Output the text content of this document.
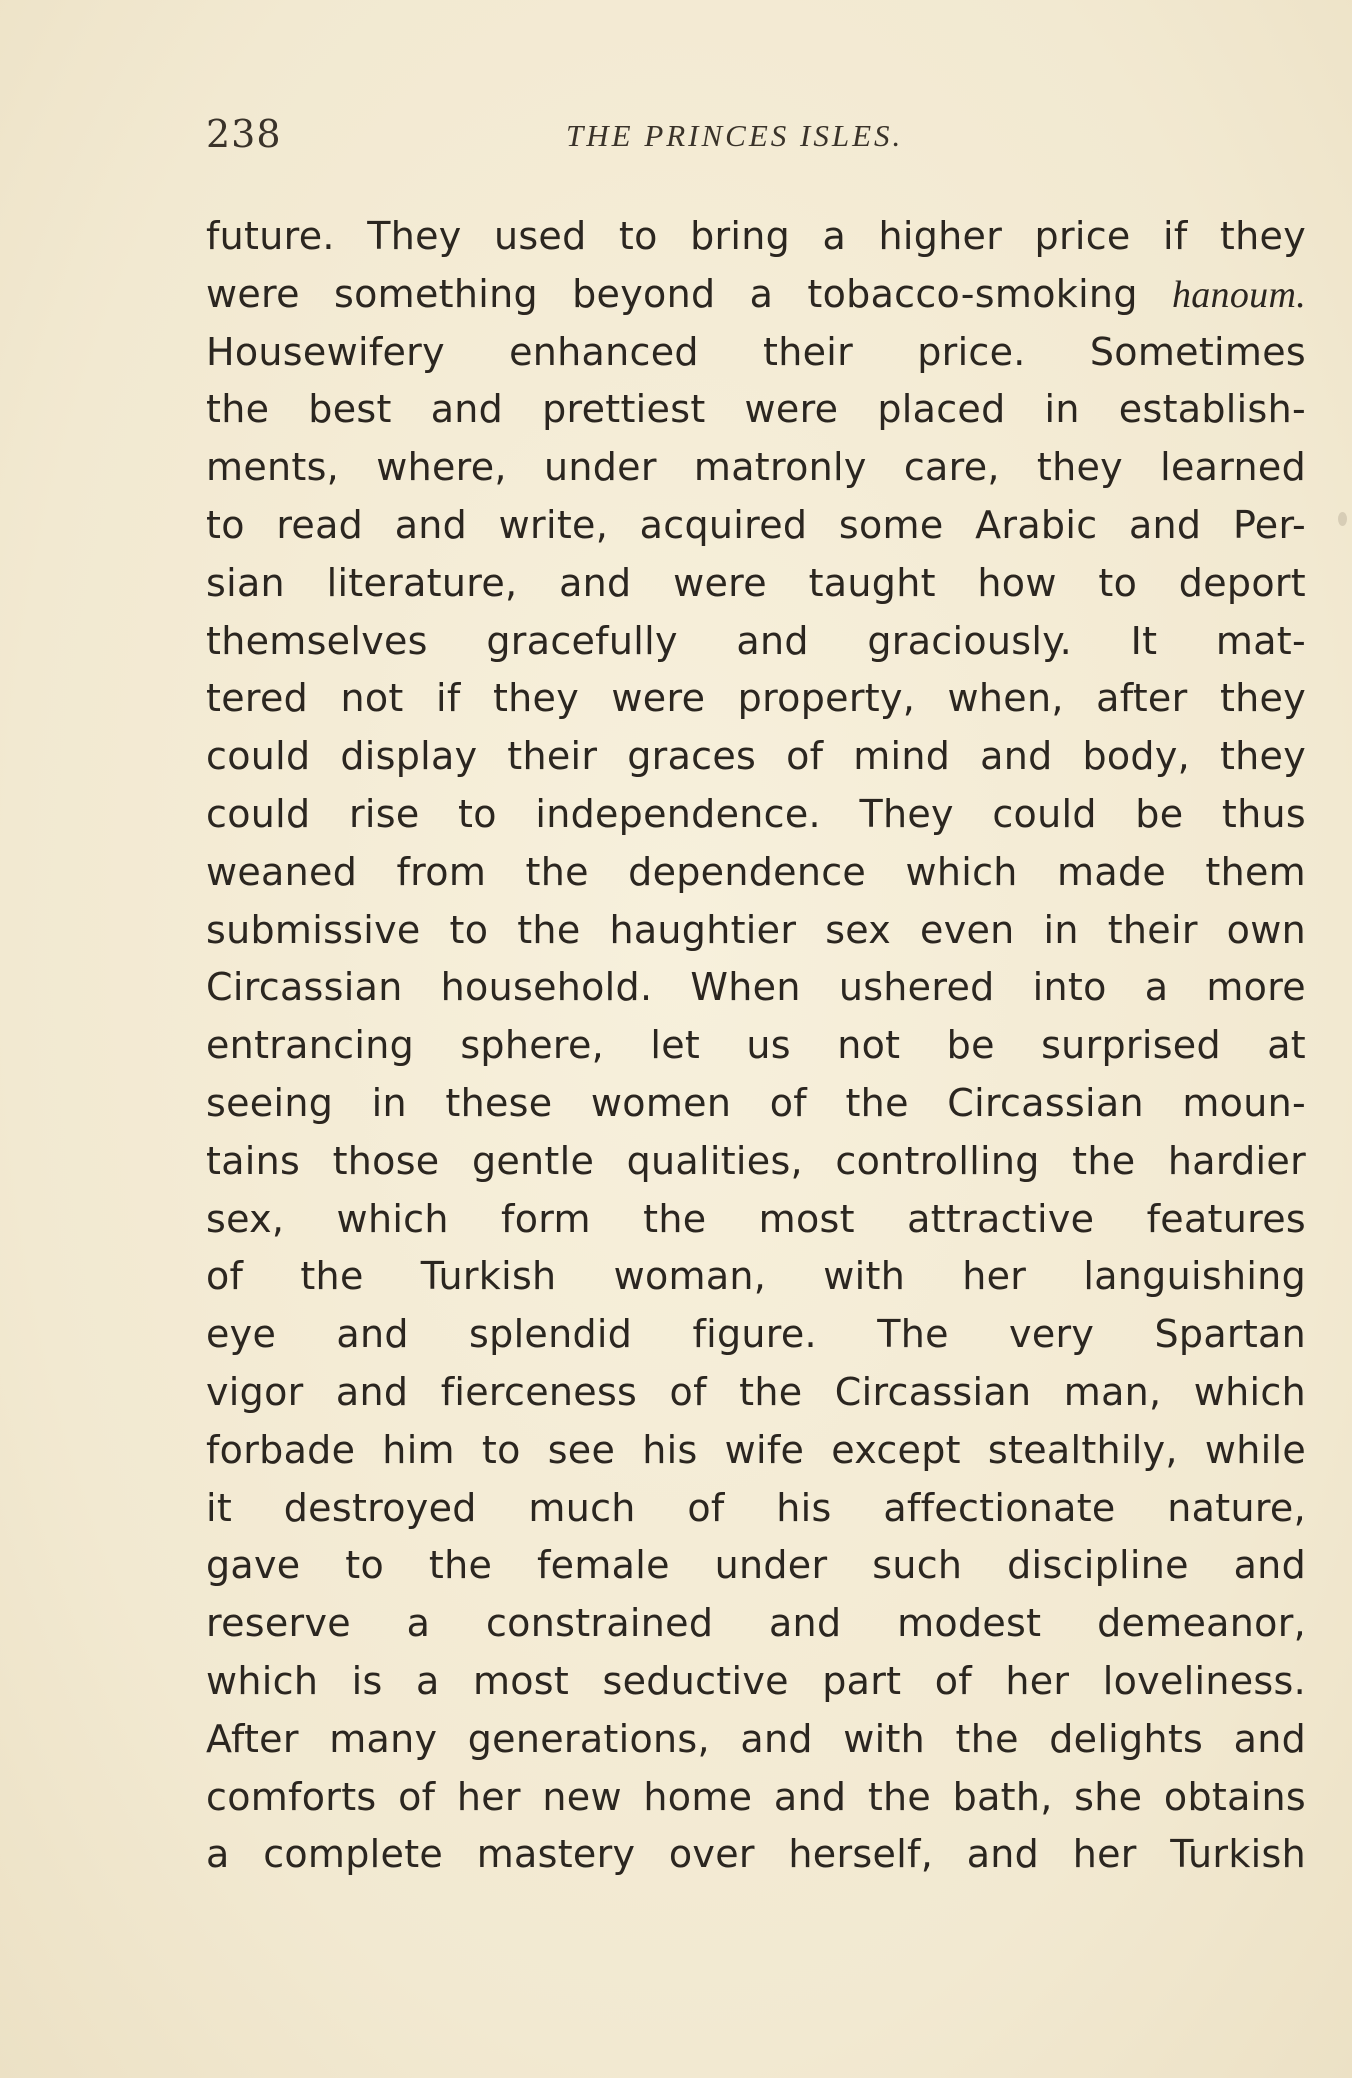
238	THE PRINCES ISLES.
future. They used to bring a higher price if they
were something beyond a tobacco-smoking hanoum.
Housewifery enhanced their price. Sometimes
the best and prettiest were placed in establish-
ments, where, under matronly care, they learned
to read and write, acquired some Arabic and Per-
sian literature, and were taught how to deport
themselves gracefully and graciously. It mat-
tered not if they were property, when, after they
could display their graces of mind and body, they
could rise to independence. They could be thus
weaned from the dependence which made them
submissive to the haughtier sex even in their own
Circassian household. When ushered into a more
entrancing sphere, let us not be surprised at
seeing in these women of the Circassian moun-
tains those gentle qualities, controlling the hardier
sex, which form the most attractive features
of the Turkish woman, with her languishing
eye and splendid figure. The very Spartan
vigor and fierceness of the Circassian man, which
forbade him to see his wife except stealthily, while
it destroyed much of his affectionate nature,
gave to the female under such discipline and
reserve a constrained and modest demeanor,
which is a most seductive part of her loveliness.
After many generations, and with the delights and
comforts of her new home and the bath, she obtains
a complete mastery over herself, and her Turkish
